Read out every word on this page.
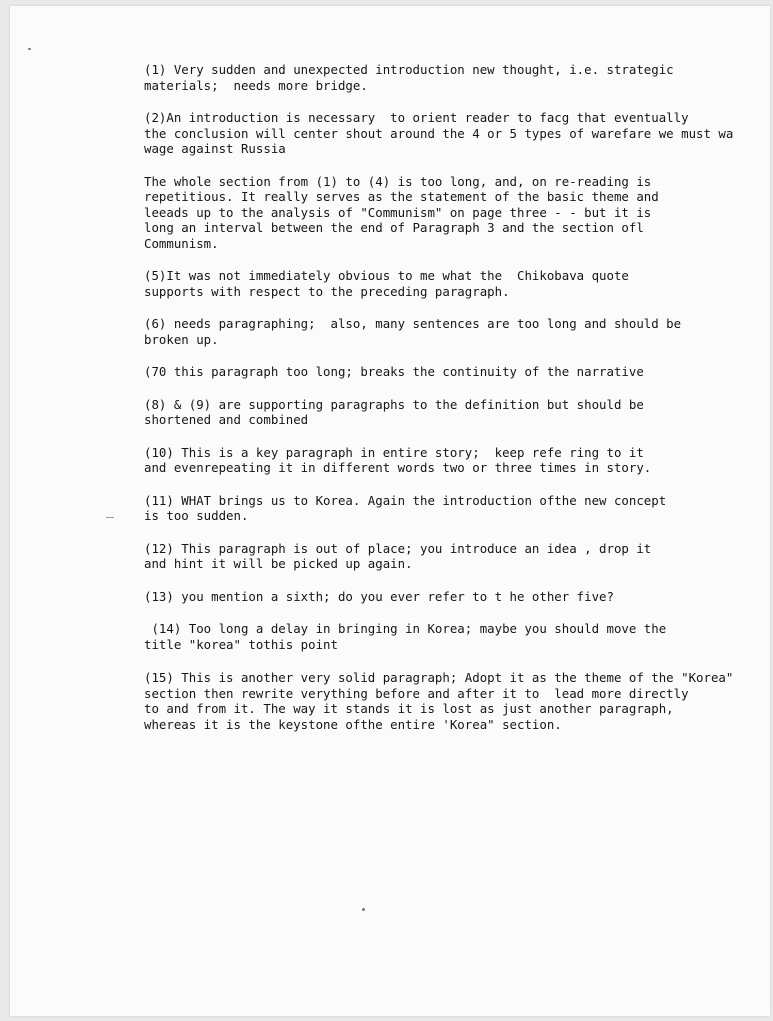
(1) Very sudden and unexpected introduction new thought, i.e. strategic
materials;  needs more bridge.
(2)An introduction is necessary  to orient reader to facg that eventually
the conclusion will center shout around the 4 or 5 types of warefare we must wa
wage against Russia
The whole section from (1) to (4) is too long, and, on re-reading is
repetitious. It really serves as the statement of the basic theme and
leeads up to the analysis of "Communism" on page three - - but it is
long an interval between the end of Paragraph 3 and the section ofl
Communism.
(5)It was not immediately obvious to me what the  Chikobava quote
supports with respect to the preceding paragraph.
(6) needs paragraphing;  also, many sentences are too long and should be
broken up.
(70 this paragraph too long; breaks the continuity of the narrative
(8) & (9) are supporting paragraphs to the definition but should be
shortened and combined
(10) This is a key paragraph in entire story;  keep refe ring to it
and evenrepeating it in different words two or three times in story.
(11) WHAT brings us to Korea. Again the introduction ofthe new concept
is too sudden.
(12) This paragraph is out of place; you introduce an idea , drop it
and hint it will be picked up again.
(13) you mention a sixth; do you ever refer to t he other five?
(14) Too long a delay in bringing in Korea; maybe you should move the
title "korea" tothis point
(15) This is another very solid paragraph; Adopt it as the theme of the "Korea"
section then rewrite verything before and after it to  lead more directly
to and from it. The way it stands it is lost as just another paragraph,
whereas it is the keystone ofthe entire 'Korea" section.
